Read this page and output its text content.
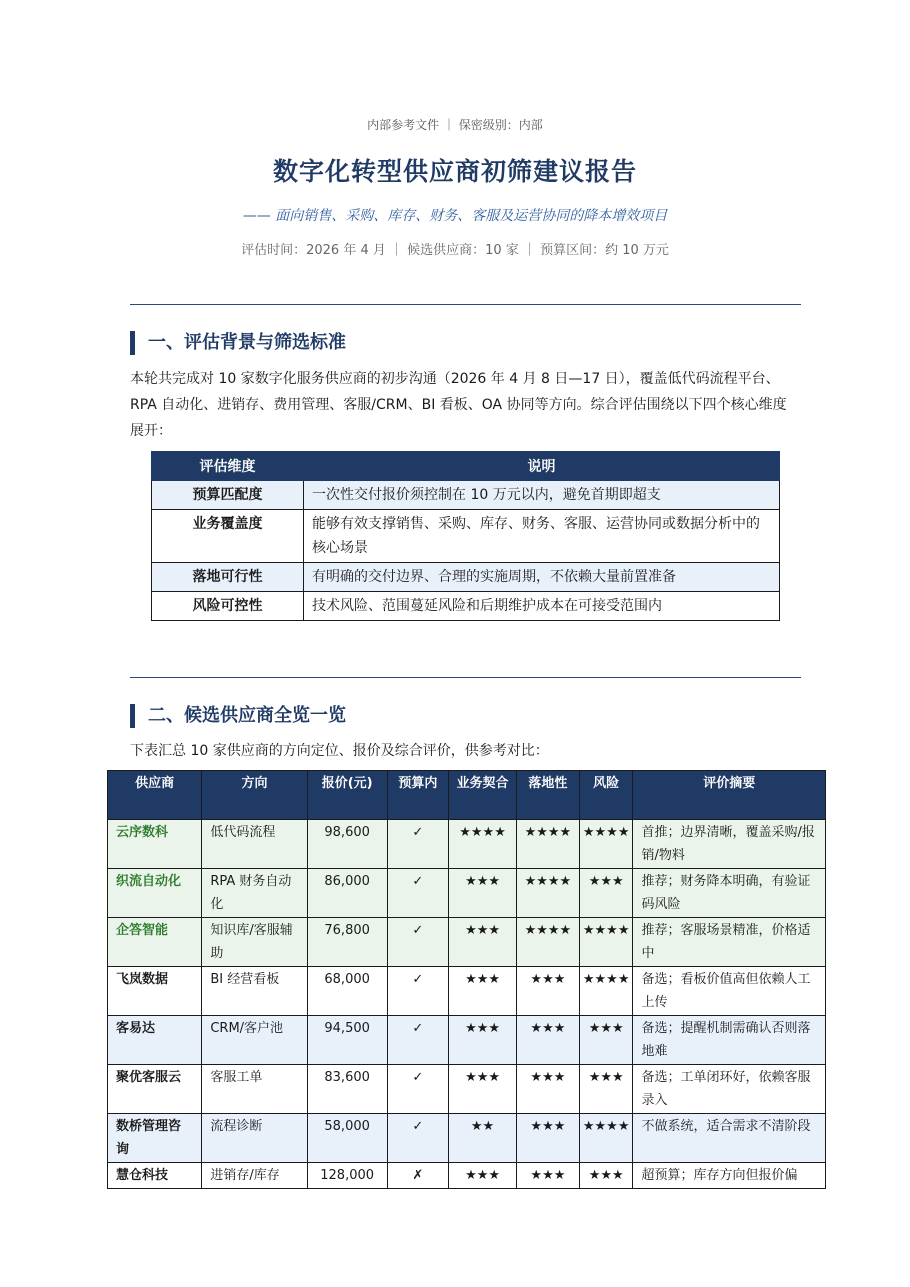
内部参考文件 ｜ 保密级别：内部
数字化转型供应商初筛建议报告
—— 面向销售、采购、库存、财务、客服及运营协同的降本增效项目
评估时间：2026 年 4 月 ｜ 候选供应商：10 家 ｜ 预算区间：约 10 万元
一、评估背景与筛选标准
本轮共完成对 10 家数字化服务供应商的初步沟通（2026 年 4 月 8 日—17 日），覆盖低代码流程平台、RPA 自动化、进销存、费用管理、客服/CRM、BI 看板、OA 协同等方向。综合评估围绕以下四个核心维度展开：
评估维度	说明
预算匹配度	一次性交付报价须控制在 10 万元以内，避免首期即超支
业务覆盖度	能够有效支撑销售、采购、库存、财务、客服、运营协同或数据分析中的核心场景
落地可行性	有明确的交付边界、合理的实施周期，不依赖大量前置准备
风险可控性	技术风险、范围蔓延风险和后期维护成本在可接受范围内
二、候选供应商全览一览
下表汇总 10 家供应商的方向定位、报价及综合评价，供参考对比：
供应商	方向	报价(元)	预算内	业务契合	落地性	风险	评价摘要
云序数科	低代码流程	98,600	✓	★★★★	★★★★	★★★★	首推；边界清晰，覆盖采购/报销/物料
织流自动化	RPA 财务自动化	86,000	✓	★★★	★★★★	★★★	推荐；财务降本明确，有验证码风险
企答智能	知识库/客服辅助	76,800	✓	★★★	★★★★	★★★★	推荐；客服场景精准，价格适中
飞岚数据	BI 经营看板	68,000	✓	★★★	★★★	★★★★	备选；看板价值高但依赖人工上传
客易达	CRM/客户池	94,500	✓	★★★	★★★	★★★	备选；提醒机制需确认否则落地难
聚优客服云	客服工单	83,600	✓	★★★	★★★	★★★	备选；工单闭环好，依赖客服录入
数桥管理咨询	流程诊断	58,000	✓	★★	★★★	★★★★	不做系统，适合需求不清阶段
慧仓科技	进销存/库存	128,000	✗	★★★	★★★	★★★	超预算；库存方向但报价偏
